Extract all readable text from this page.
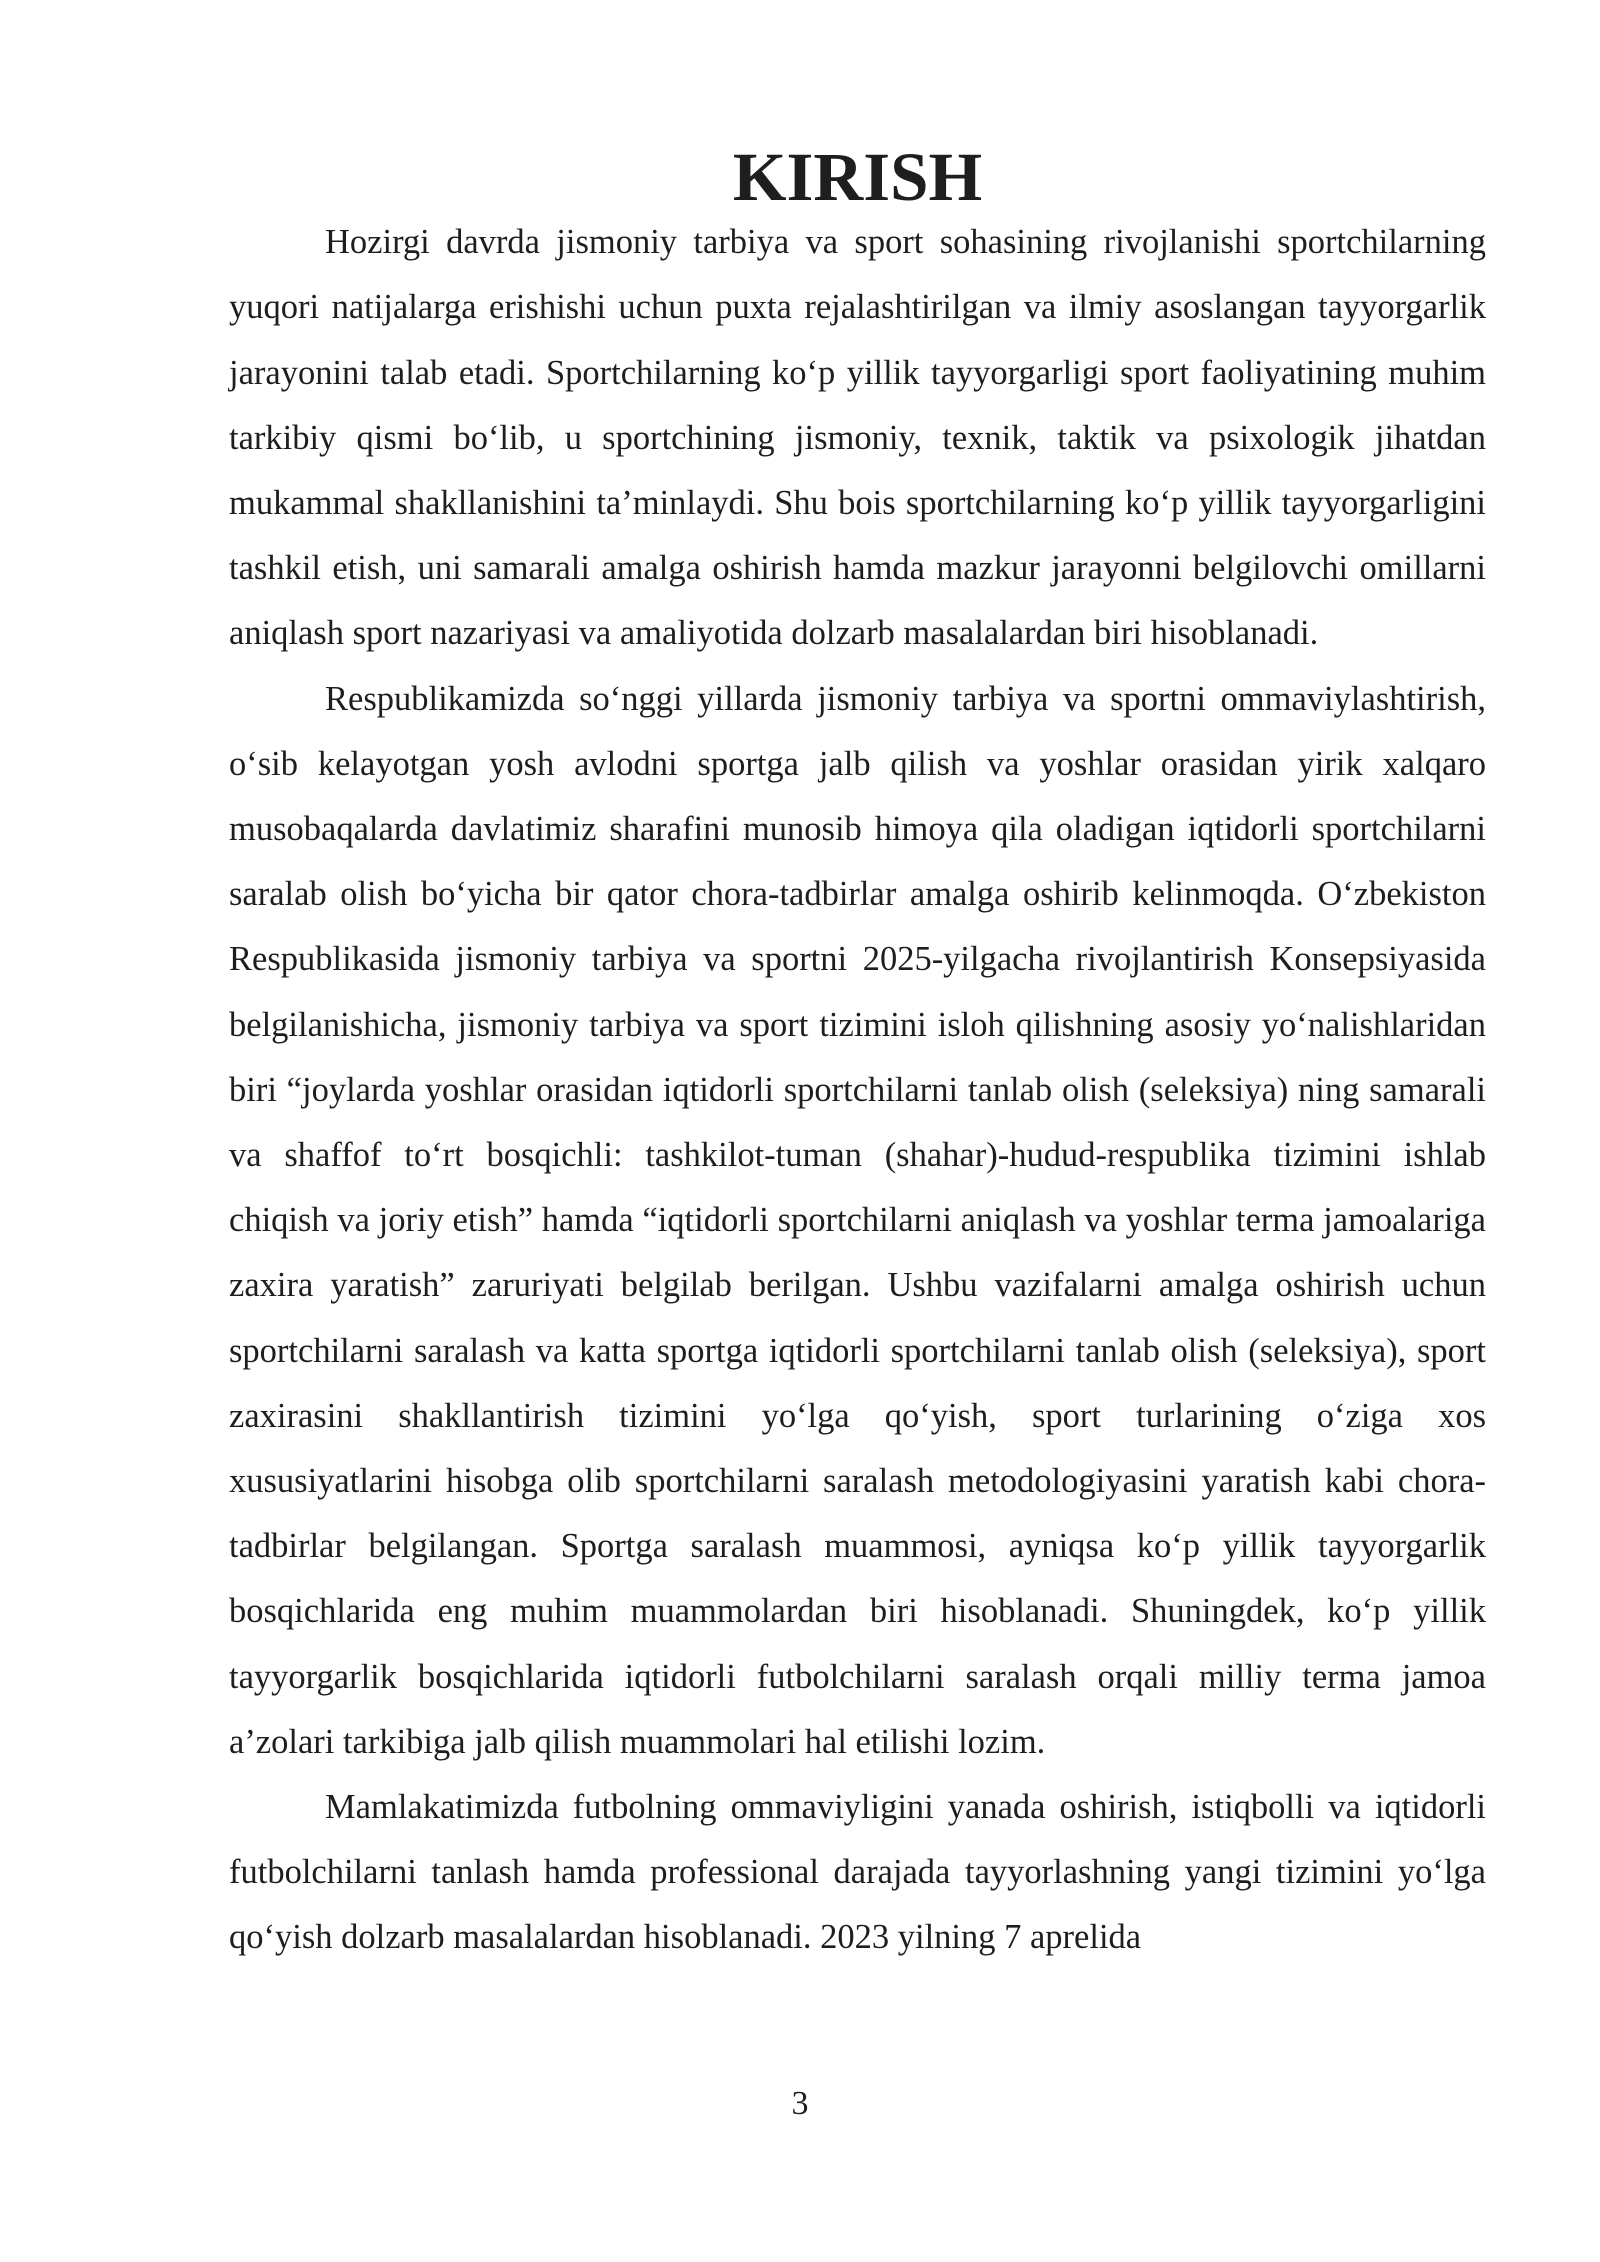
KIRISH

Hozirgi davrda jismoniy tarbiya va sport sohasining rivojlanishi sportchilarning yuqori natijalarga erishishi uchun puxta rejalashtirilgan va ilmiy asoslangan tayyorgarlik jarayonini talab etadi. Sportchilarning ko‘p yillik tayyorgarligi sport faoliyatining muhim tarkibiy qismi bo‘lib, u sportchining jismoniy, texnik, taktik va psixologik jihatdan mukammal shakllanishini ta’minlaydi. Shu bois sportchilarning ko‘p yillik tayyorgarligini tashkil etish, uni samarali amalga oshirish hamda mazkur jarayonni belgilovchi omillarni aniqlash sport nazariyasi va amaliyotida dolzarb masalalardan biri hisoblanadi.

Respublikamizda so‘nggi yillarda jismoniy tarbiya va sportni ommaviylashtirish, o‘sib kelayotgan yosh avlodni sportga jalb qilish va yoshlar orasidan yirik xalqaro musobaqalarda davlatimiz sharafini munosib himoya qila oladigan iqtidorli sportchilarni saralab olish bo‘yicha bir qator chora-tadbirlar amalga oshirib kelinmoqda. O‘zbekiston Respublikasida jismoniy tarbiya va sportni 2025-yilgacha rivojlantirish Konsepsiyasida belgilanishicha, jismoniy tarbiya va sport tizimini isloh qilishning asosiy yo‘nalishlaridan biri “joylarda yoshlar orasidan iqtidorli sportchilarni tanlab olish (seleksiya) ning samarali va shaffof to‘rt bosqichli: tashkilot-tuman (shahar)-hudud-respublika tizimini ishlab chiqish va joriy etish” hamda “iqtidorli sportchilarni aniqlash va yoshlar terma jamoalariga zaxira yaratish” zaruriyati belgilab berilgan. Ushbu vazifalarni amalga oshirish uchun sportchilarni saralash va katta sportga iqtidorli sportchilarni tanlab olish (seleksiya), sport zaxirasini shakllantirish tizimini yo‘lga qo‘yish, sport turlarining o‘ziga xos xususiyatlarini hisobga olib sportchilarni saralash metodologiyasini yaratish kabi chora-tadbirlar belgilangan. Sportga saralash muammosi, ayniqsa ko‘p yillik tayyorgarlik bosqichlarida eng muhim muammolardan biri hisoblanadi. Shuningdek, ko‘p yillik tayyorgarlik bosqichlarida iqtidorli futbolchilarni saralash orqali milliy terma jamoa a’zolari tarkibiga jalb qilish muammolari hal etilishi lozim.

Mamlakatimizda futbolning ommaviyligini yanada oshirish, istiqbolli va iqtidorli futbolchilarni tanlash hamda professional darajada tayyorlashning yangi tizimini yo‘lga qo‘yish dolzarb masalalardan hisoblanadi. 2023 yilning 7 aprelida

3
